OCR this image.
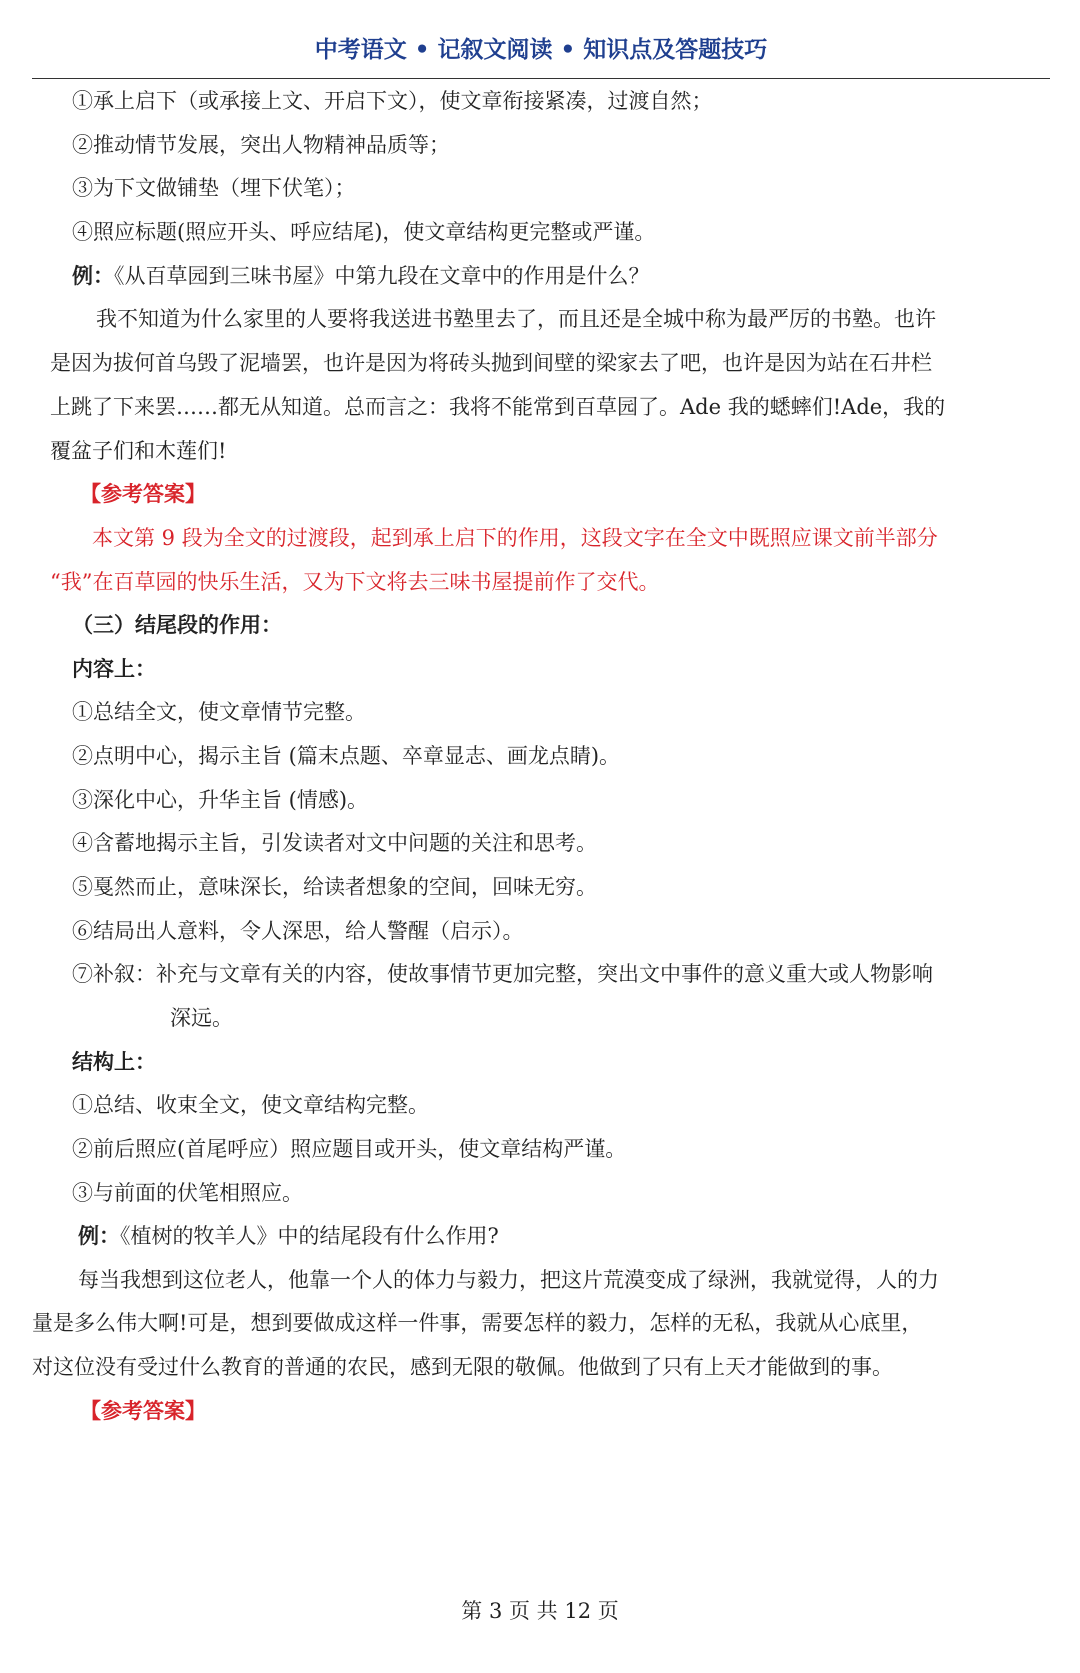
中考语文 • 记叙文阅读 • 知识点及答题技巧
①承上启下（或承接上文、开启下文），使文章衔接紧凑，过渡自然；
②推动情节发展，突出人物精神品质等；
③为下文做铺垫（埋下伏笔）；
④照应标题(照应开头、呼应结尾)，使文章结构更完整或严谨。
例：《从百草园到三味书屋》中第九段在文章中的作用是什么？
我不知道为什么家里的人要将我送进书塾里去了，而且还是全城中称为最严厉的书塾。也许
是因为拔何首乌毁了泥墙罢，也许是因为将砖头抛到间壁的梁家去了吧，也许是因为站在石井栏
上跳了下来罢……都无从知道。总而言之：我将不能常到百草园了。Ade 我的蟋蟀们!Ade，我的
覆盆子们和木莲们!
【参考答案】
本文第 9 段为全文的过渡段，起到承上启下的作用，这段文字在全文中既照应课文前半部分
“我”在百草园的快乐生活，又为下文将去三味书屋提前作了交代。
（三）结尾段的作用：
内容上：
①总结全文，使文章情节完整。
②点明中心，揭示主旨 (篇末点题、卒章显志、画龙点睛)。
③深化中心，升华主旨 (情感)。
④含蓄地揭示主旨，引发读者对文中问题的关注和思考。
⑤戛然而止，意味深长，给读者想象的空间，回味无穷。
⑥结局出人意料，令人深思，给人警醒（启示）。
⑦补叙：补充与文章有关的内容，使故事情节更加完整，突出文中事件的意义重大或人物影响
深远。
结构上：
①总结、收束全文，使文章结构完整。
②前后照应(首尾呼应）照应题目或开头，使文章结构严谨。
③与前面的伏笔相照应。
例：《植树的牧羊人》中的结尾段有什么作用?
每当我想到这位老人，他靠一个人的体力与毅力，把这片荒漠变成了绿洲，我就觉得，人的力
量是多么伟大啊!可是，想到要做成这样一件事，需要怎样的毅力，怎样的无私，我就从心底里，
对这位没有受过什么教育的普通的农民，感到无限的敬佩。他做到了只有上天才能做到的事。
【参考答案】
第 3 页 共 12 页
